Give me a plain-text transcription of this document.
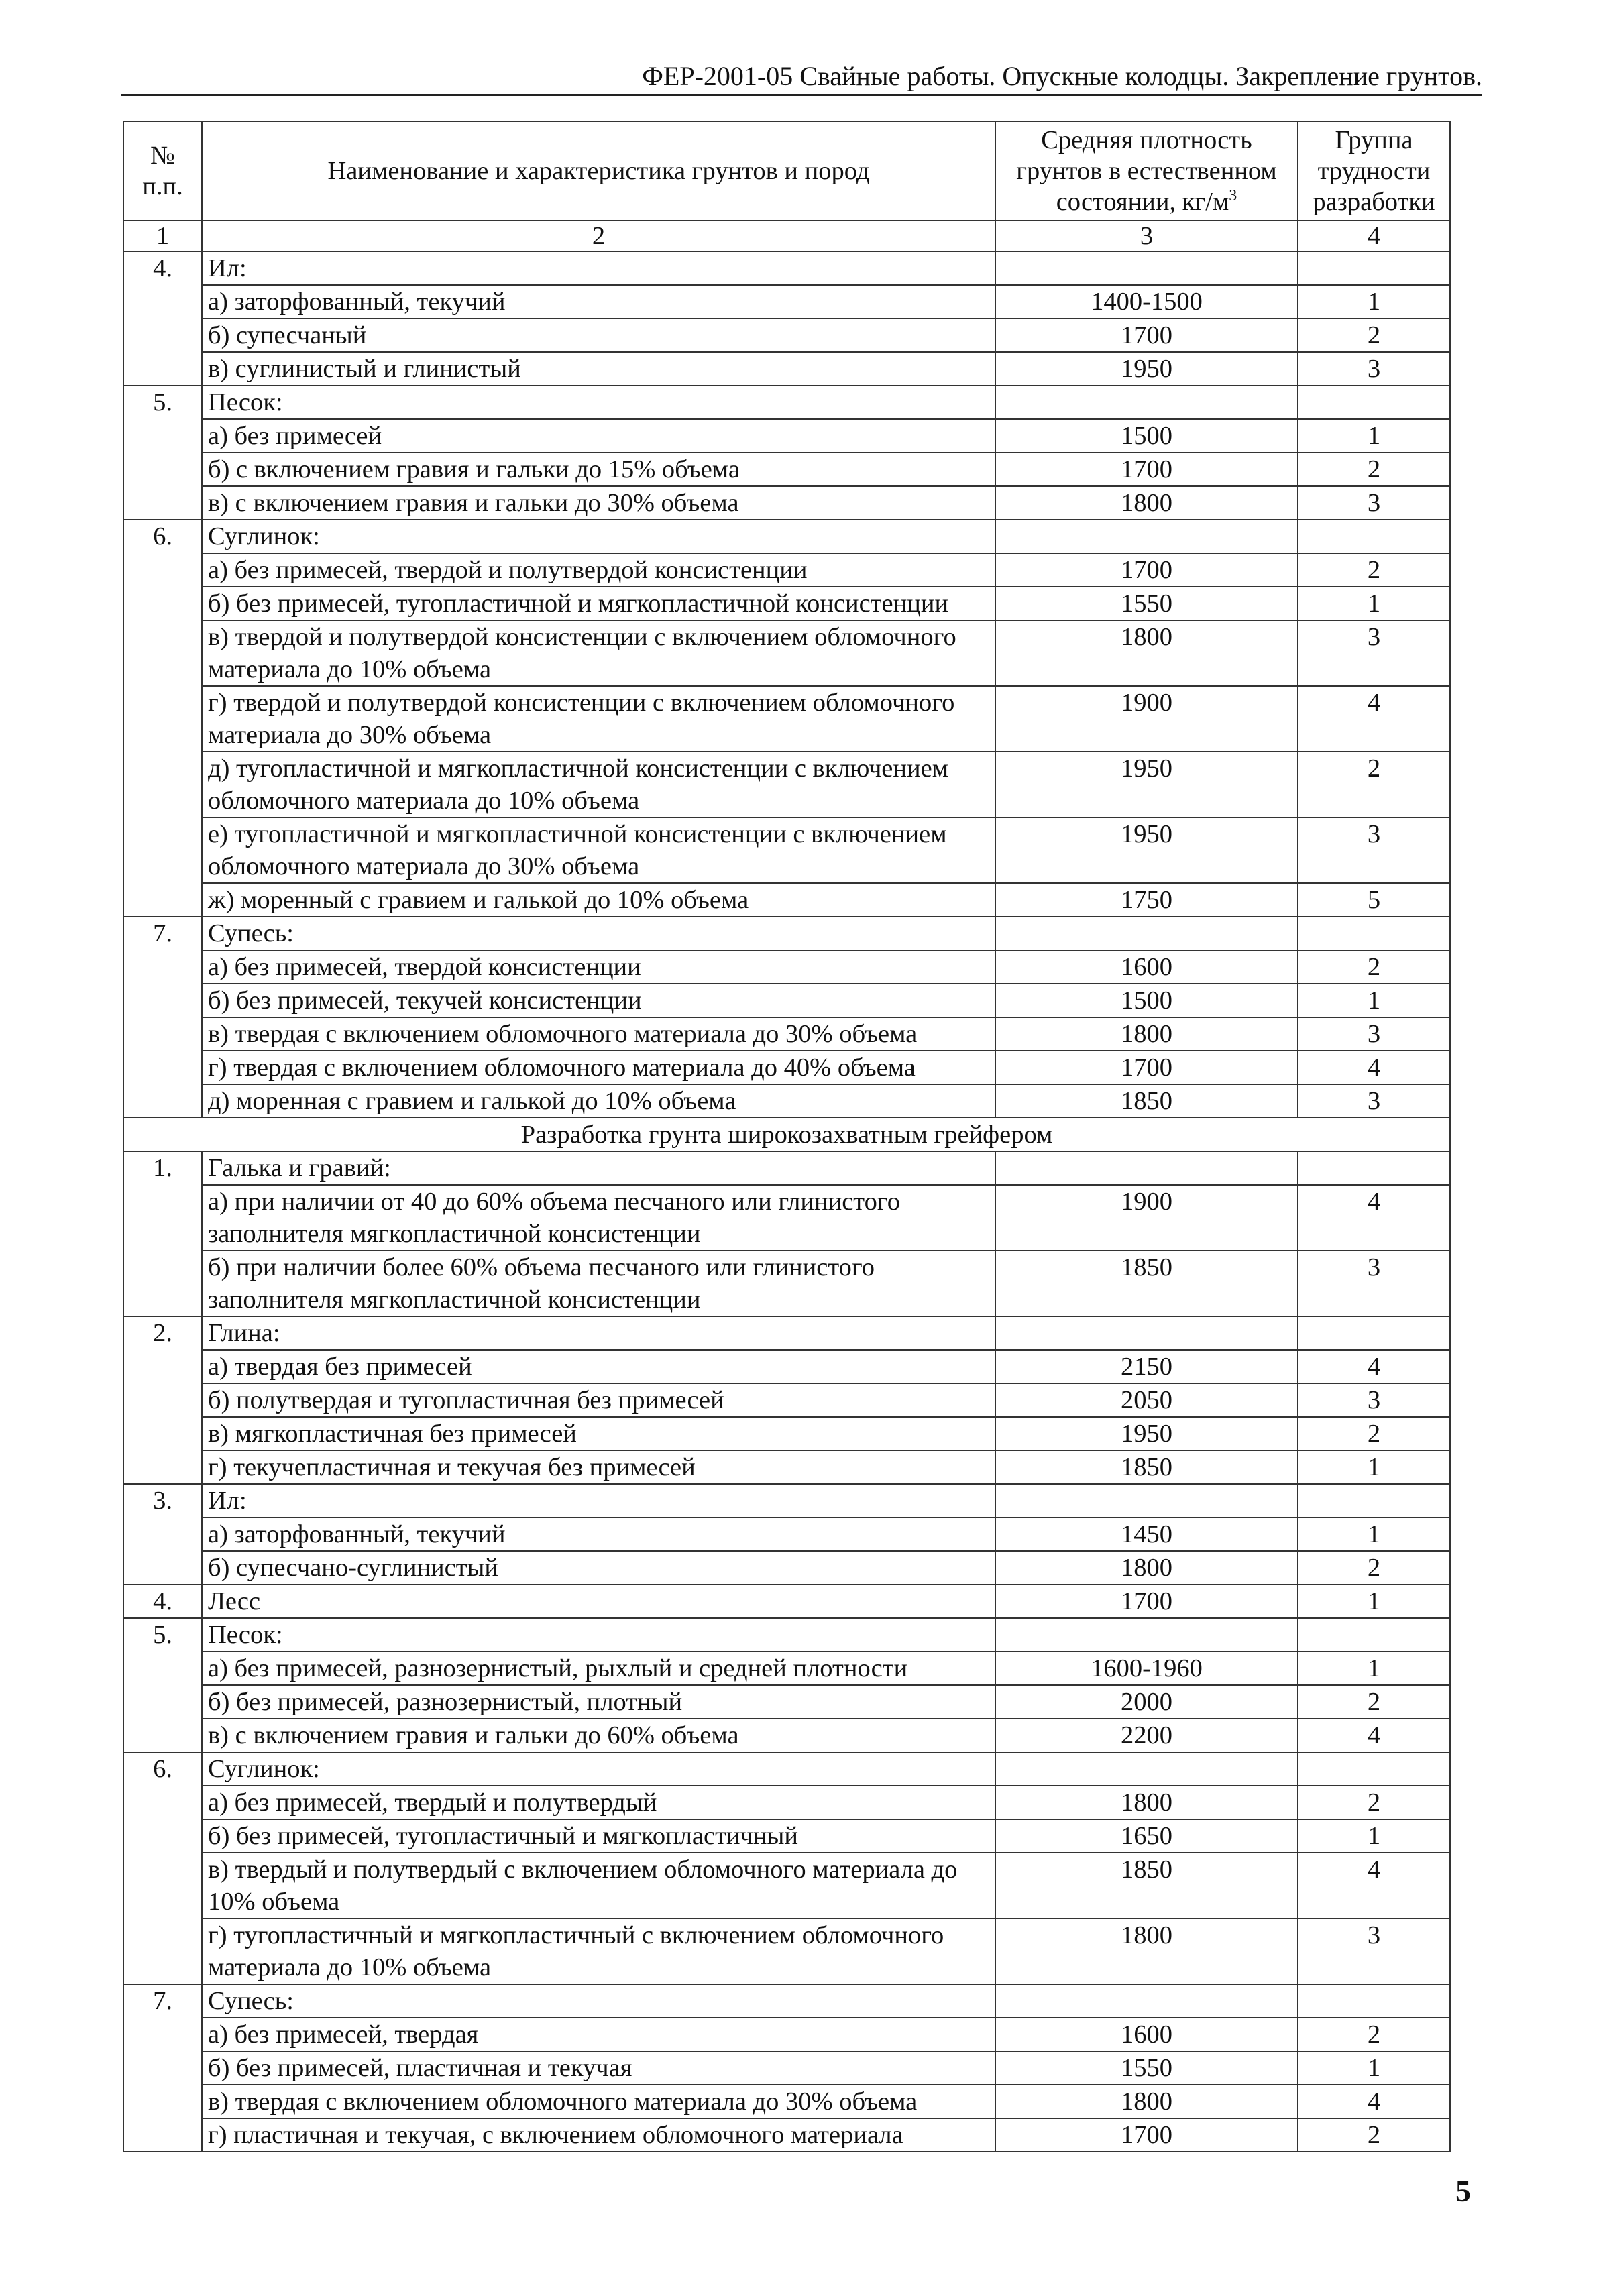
ФЕР-2001-05 Свайные работы. Опускные колодцы. Закрепление грунтов.
№ п.п.	Наименование и характеристика грунтов и пород	Средняя плотность грунтов в естественном состоянии, $кг/м^3$	Группа трудности разработки
1	2	3	4
4.	Ил:		
	а) заторфованный, текучий	1400-1500	1
	б) супесчаный	1700	2
	в) суглинистый и глинистый	1950	3
5.	Песок:		
	а) без примесей	1500	1
	б) с включением гравия и гальки до 15% объема	1700	2
	в) с включением гравия и гальки до 30% объема	1800	3
6.	Суглинок:		
	а) без примесей, твердой и полутвердой консистенции	1700	2
	б) без примесей, тугопластичной и мягкопластичной консистенции	1550	1
	в) твердой и полутвердой консистенции с включением обломочного материала до 10% объема	1800	3
	г) твердой и полутвердой консистенции с включением обломочного материала до 30% объема	1900	4
	д) тугопластичной и мягкопластичной консистенции с включением обломочного материала до 10% объема	1950	2
	е) тугопластичной и мягкопластичной консистенции с включением обломочного материала до 30% объема	1950	3
	ж) моренный с гравием и галькой до 10% объема	1750	5
7.	Супесь:		
	а) без примесей, твердой консистенции	1600	2
	б) без примесей, текучей консистенции	1500	1
	в) твердая с включением обломочного материала до 30% объема	1800	3
	г) твердая с включением обломочного материала до 40% объема	1700	4
	д) моренная с гравием и галькой до 10% объема	1850	3
Разработка грунта широкозахватным грейфером			
1.	Галька и гравий:		
	а) при наличии от 40 до 60% объема песчаного или глинистого заполнителя мягкопластичной консистенции	1900	4
	б) при наличии более 60% объема песчаного или глинистого заполнителя мягкопластичной консистенции	1850	3
2.	Глина:		
	а) твердая без примесей	2150	4
	б) полутвердая и тугопластичная без примесей	2050	3
	в) мягкопластичная без примесей	1950	2
	г) текучепластичная и текучая без примесей	1850	1
3.	Ил:		
	а) заторфованный, текучий	1450	1
	б) супесчано-суглинистый	1800	2
4.	Лесс	1700	1
5.	Песок:		
	а) без примесей, разнозернистый, рыхлый и средней плотности	1600-1960	1
	б) без примесей, разнозернистый, плотный	2000	2
	в) с включением гравия и гальки до 60% объема	2200	4
6.	Суглинок:		
	а) без примесей, твердый и полутвердый	1800	2
	б) без примесей, тугопластичный и мягкопластичный	1650	1
	в) твердый и полутвердый с включением обломочного материала до 10% объема	1850	4
	г) тугопластичный и мягкопластичный с включением обломочного материала до 10% объема	1800	3
7.	Супесь:		
	а) без примесей, твердая	1600	2
	б) без примесей, пластичная и текучая	1550	1
	в) твердая с включением обломочного материала до 30% объема	1800	4
	г) пластичная и текучая, с включением обломочного материала	1700	2
5
